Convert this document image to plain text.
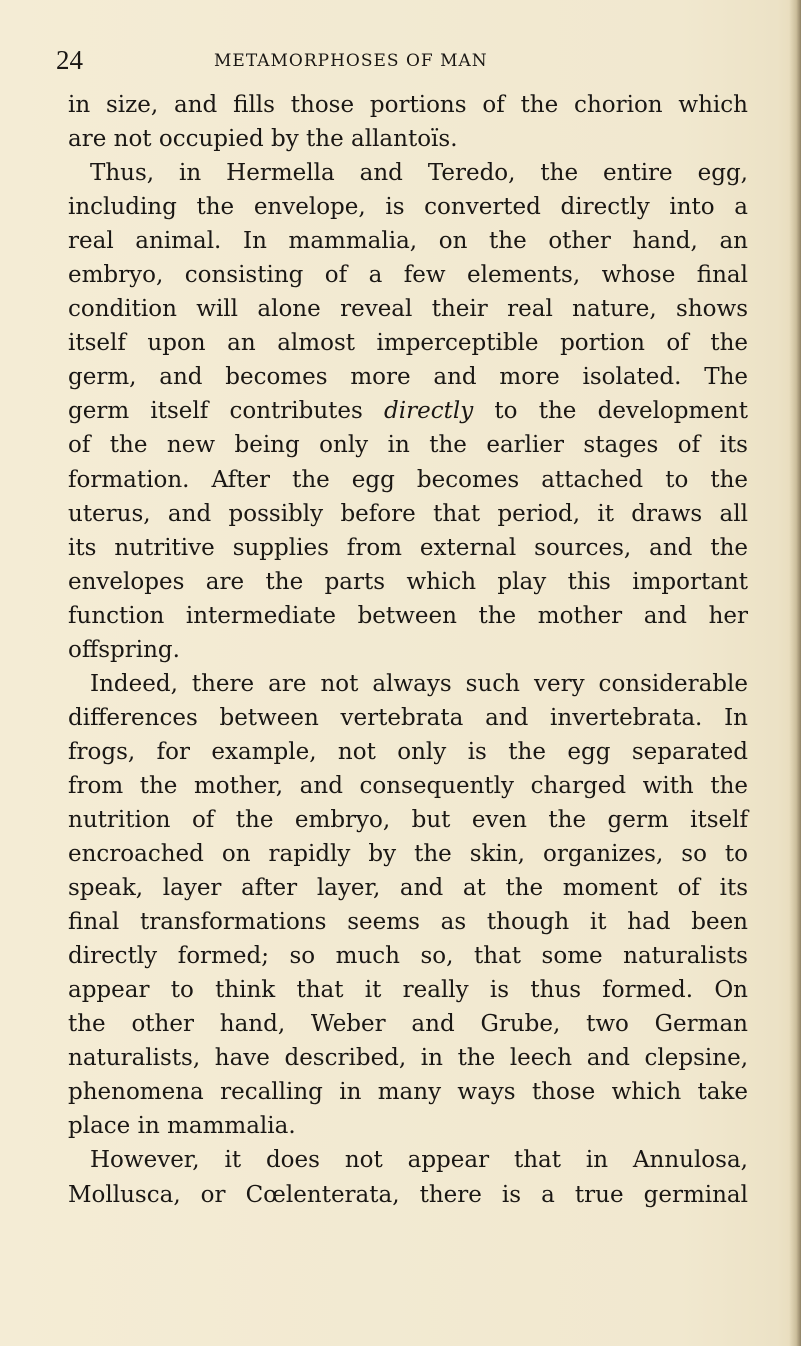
24	METAMORPHOSES OF MAN
in size, and fills those portions of the chorion which
are not occupied by the allantoïs.
Thus, in Hermella and Teredo, the entire egg,
including the envelope, is converted directly into a
real animal. In mammalia, on the other hand, an
embryo, consisting of a few elements, whose final
condition will alone reveal their real nature, shows
itself upon an almost imperceptible portion of the
germ, and becomes more and more isolated. The
germ itself contributes directly to the development
of the new being only in the earlier stages of its
formation. After the egg becomes attached to the
uterus, and possibly before that period, it draws all
its nutritive supplies from external sources, and the
envelopes are the parts which play this important
function intermediate between the mother and her
offspring.
Indeed, there are not always such very considerable
differences between vertebrata and invertebrata. In
frogs, for example, not only is the egg separated
from the mother, and consequently charged with the
nutrition of the embryo, but even the germ itself
encroached on rapidly by the skin, organizes, so to
speak, layer after layer, and at the moment of its
final transformations seems as though it had been
directly formed; so much so, that some naturalists
appear to think that it really is thus formed. On
the other hand, Weber and Grube, two German
naturalists, have described, in the leech and clepsine,
phenomena recalling in many ways those which take
place in mammalia.
However, it does not appear that in Annulosa,
Mollusca, or Cœlenterata, there is a true germinal
